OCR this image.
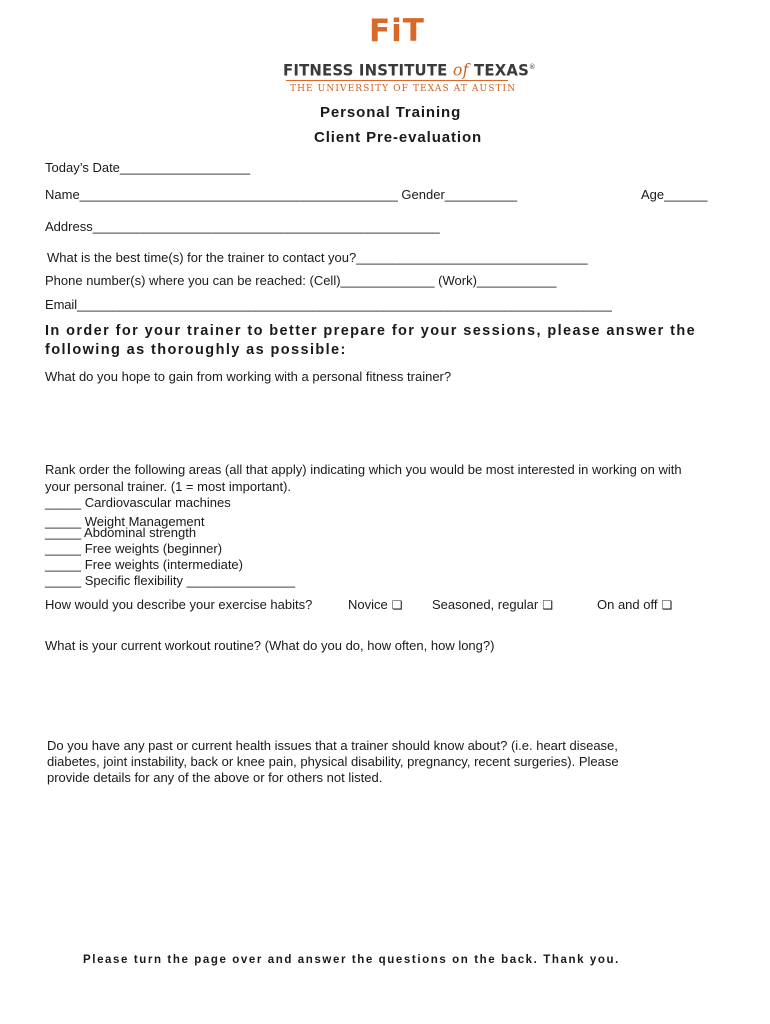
FiT
FITNESS INSTITUTE of TEXAS®
THE UNIVERSITY OF TEXAS AT AUSTIN
Personal Training
Client Pre-evaluation
Today’s Date__________________
Name____________________________________________ Gender__________	Age______
Address________________________________________________
What is the best time(s) for the trainer to contact you?________________________________
Phone number(s) where you can be reached: (Cell)_____________ (Work)___________
Email___________________________________________________________________________
In order for your trainer to better prepare for your sessions, please answer the
following as thoroughly as possible:
What do you hope to gain from working with a personal fitness trainer?
Rank order the following areas (all that apply) indicating which you would be most interested in working on with
your personal trainer. (1 = most important).
_____ Cardiovascular machines
_____ Weight Management
_____ Abdominal strength
_____ Free weights (beginner)
_____ Free weights (intermediate)
_____ Specific flexibility _______________
How would you describe your exercise habits?	Novice ❏ Seasoned, regular ❏	On and off ❏
What is your current workout routine? (What do you do, how often, how long?)
Do you have any past or current health issues that a trainer should know about? (i.e. heart disease,
diabetes, joint instability, back or knee pain, physical disability, pregnancy, recent surgeries). Please
provide details for any of the above or for others not listed.
Please turn the page over and answer the questions on the back. Thank you.
